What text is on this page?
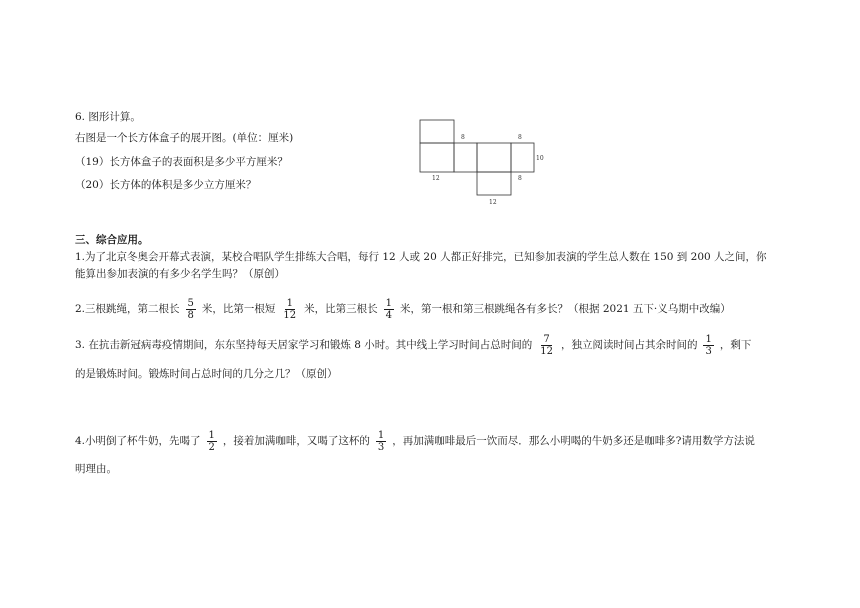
6. 图形计算。
右图是一个长方体盒子的展开图。(单位：厘米)
（19）长方体盒子的表面积是多少平方厘米？
（20）长方体的体积是多少立方厘米？
8	8
10
12	8
12
三、综合应用。
1.为了北京冬奥会开幕式表演，某校合唱队学生排练大合唱，每行 12 人或 20 人都正好排完，已知参加表演的学生总人数在 150 到 200 人之间，你
能算出参加表演的有多少名学生吗？（原创）
2.三根跳绳，第二根长 $\frac{5}{8}$ 米，比第一根短 $\frac{1}{12}$ 米，比第三根长 $\frac{1}{4}$ 米，第一根和第三根跳绳各有多长？（根据 2021 五下·义乌期中改编）
3. 在抗击新冠病毒疫情期间，东东坚持每天居家学习和锻炼 8 小时。其中线上学习时间占总时间的 $\frac{7}{12}$ ，独立阅读时间占其余时间的 $\frac{1}{3}$ ，剩下
的是锻炼时间。锻炼时间占总时间的几分之几？（原创）
4.小明倒了杯牛奶，先喝了 $\frac{1}{2}$ ，接着加满咖啡，又喝了这杯的 $\frac{1}{3}$ ，再加满咖啡最后一饮而尽．那么小明喝的牛奶多还是咖啡多?请用数学方法说
明理由。
